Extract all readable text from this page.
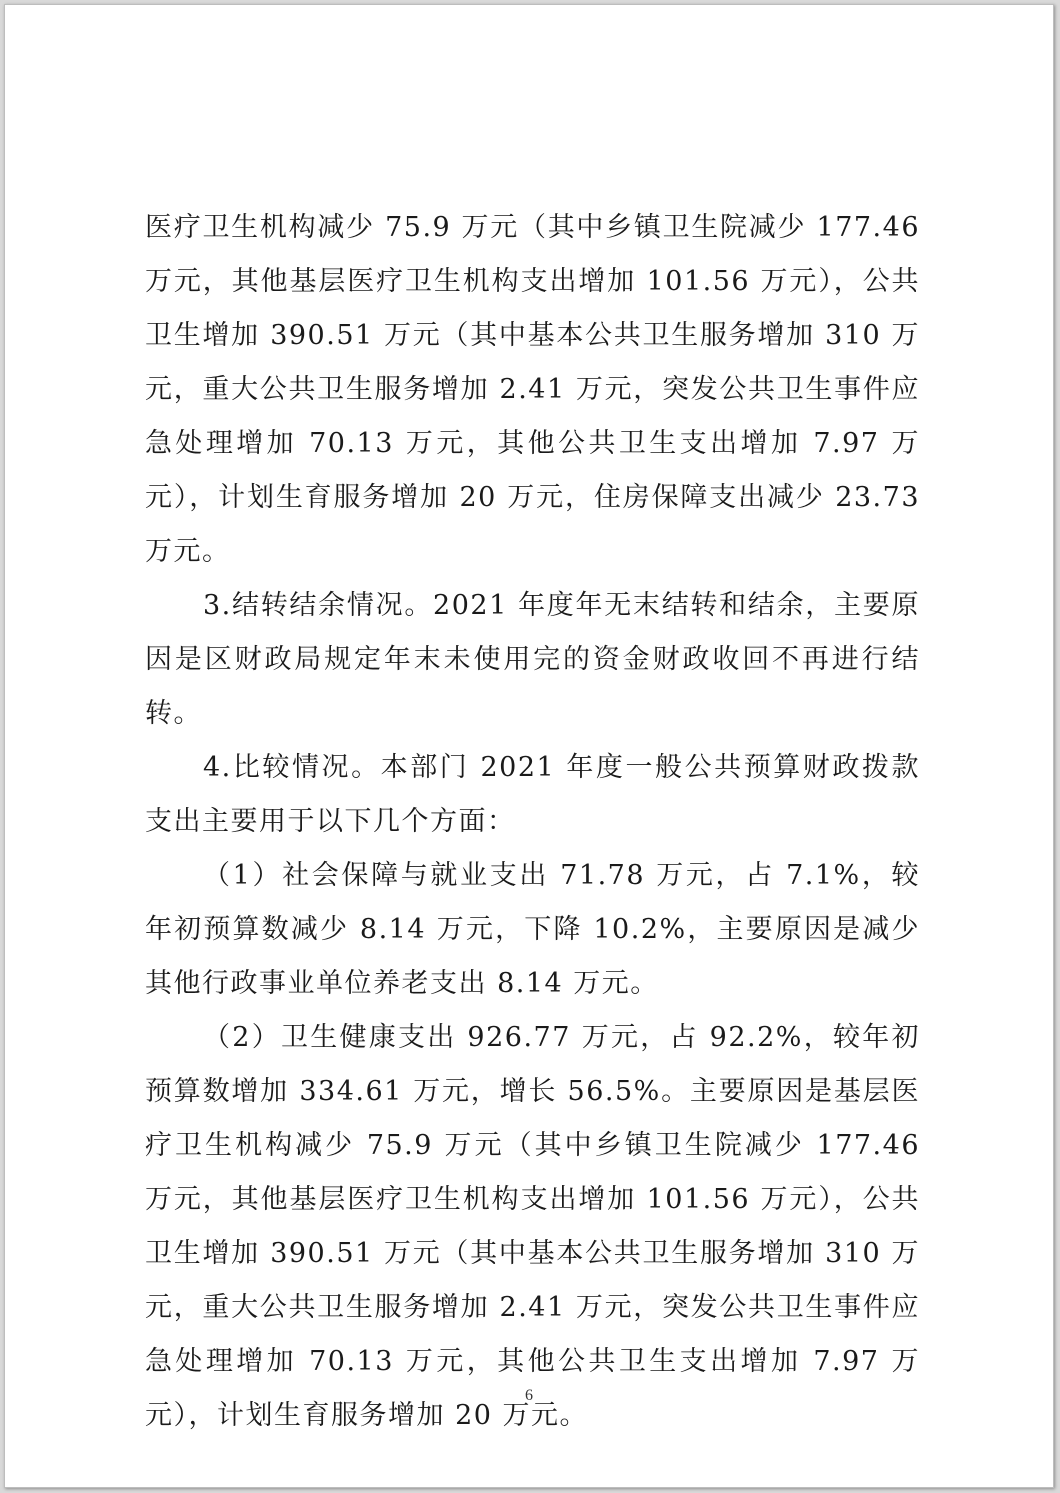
医疗卫生机构减少 75.9 万元（其中乡镇卫生院减少 177.46 万元，其他基层医疗卫生机构支出增加 101.56 万元），公共卫生增加 390.51 万元（其中基本公共卫生服务增加 310 万元，重大公共卫生服务增加 2.41 万元，突发公共卫生事件应急处理增加 70.13 万元，其他公共卫生支出增加 7.97 万元），计划生育服务增加 20 万元，住房保障支出减少 23.73 万元。

3.结转结余情况。2021 年度年无末结转和结余，主要原因是区财政局规定年末未使用完的资金财政收回不再进行结转。

4.比较情况。本部门 2021 年度一般公共预算财政拨款支出主要用于以下几个方面：

（1）社会保障与就业支出 71.78 万元，占 7.1%，较年初预算数减少 8.14 万元，下降 10.2%，主要原因是减少其他行政事业单位养老支出 8.14 万元。

（2）卫生健康支出 926.77 万元，占 92.2%，较年初预算数增加 334.61 万元，增长 56.5%。主要原因是基层医疗卫生机构减少 75.9 万元（其中乡镇卫生院减少 177.46 万元，其他基层医疗卫生机构支出增加 101.56 万元），公共卫生增加 390.51 万元（其中基本公共卫生服务增加 310 万元，重大公共卫生服务增加 2.41 万元，突发公共卫生事件应急处理增加 70.13 万元，其他公共卫生支出增加 7.97 万元），计划生育服务增加 20 万元。

6
